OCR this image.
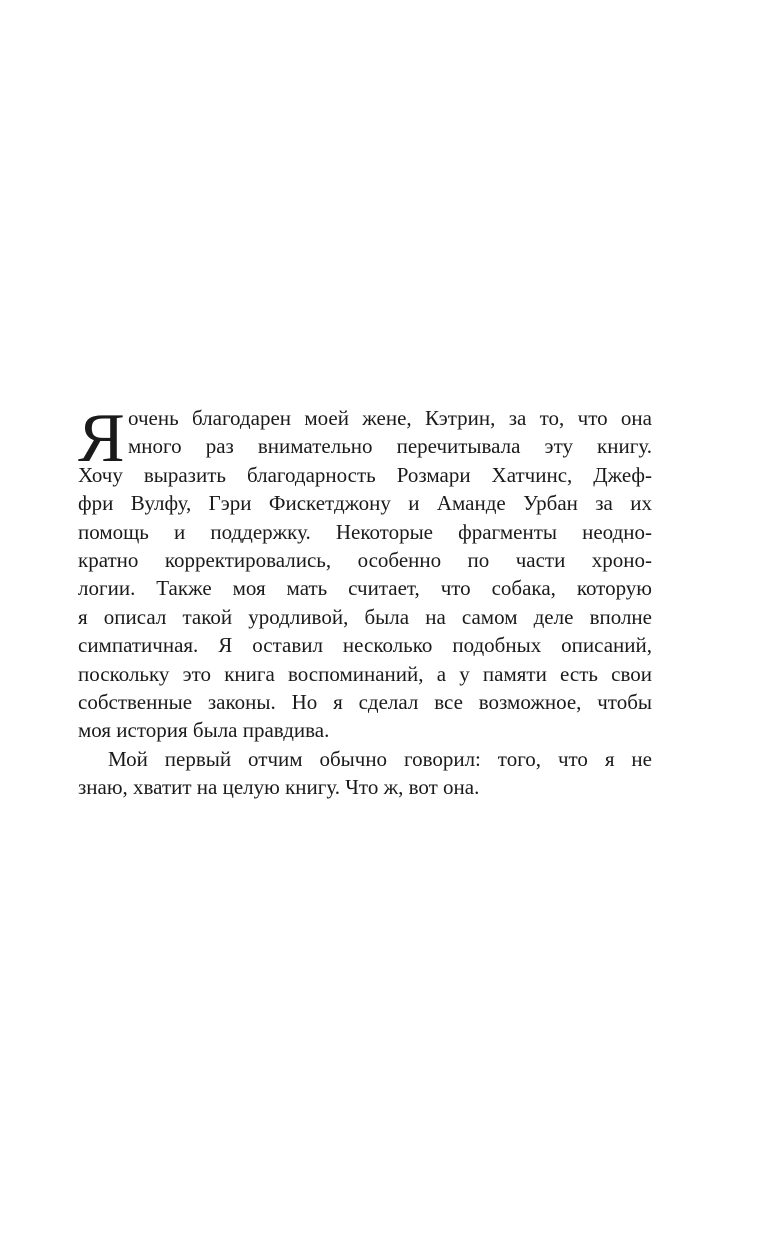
Я очень благодарен моей жене, Кэтрин, за то, что она
много раз внимательно перечитывала эту книгу.
Хочу выразить благодарность Розмари Хатчинс, Джеф-
фри Вулфу, Гэри Фискетджону и Аманде Урбан за их
помощь и поддержку. Некоторые фрагменты неодно-
кратно корректировались, особенно по части хроно-
логии. Также моя мать считает, что собака, которую
я описал такой уродливой, была на самом деле вполне
симпатичная. Я оставил несколько подобных описаний,
поскольку это книга воспоминаний, а у памяти есть свои
собственные законы. Но я сделал все возможное, чтобы
моя история была правдива.
Мой первый отчим обычно говорил: того, что я не
знаю, хватит на целую книгу. Что ж, вот она.
